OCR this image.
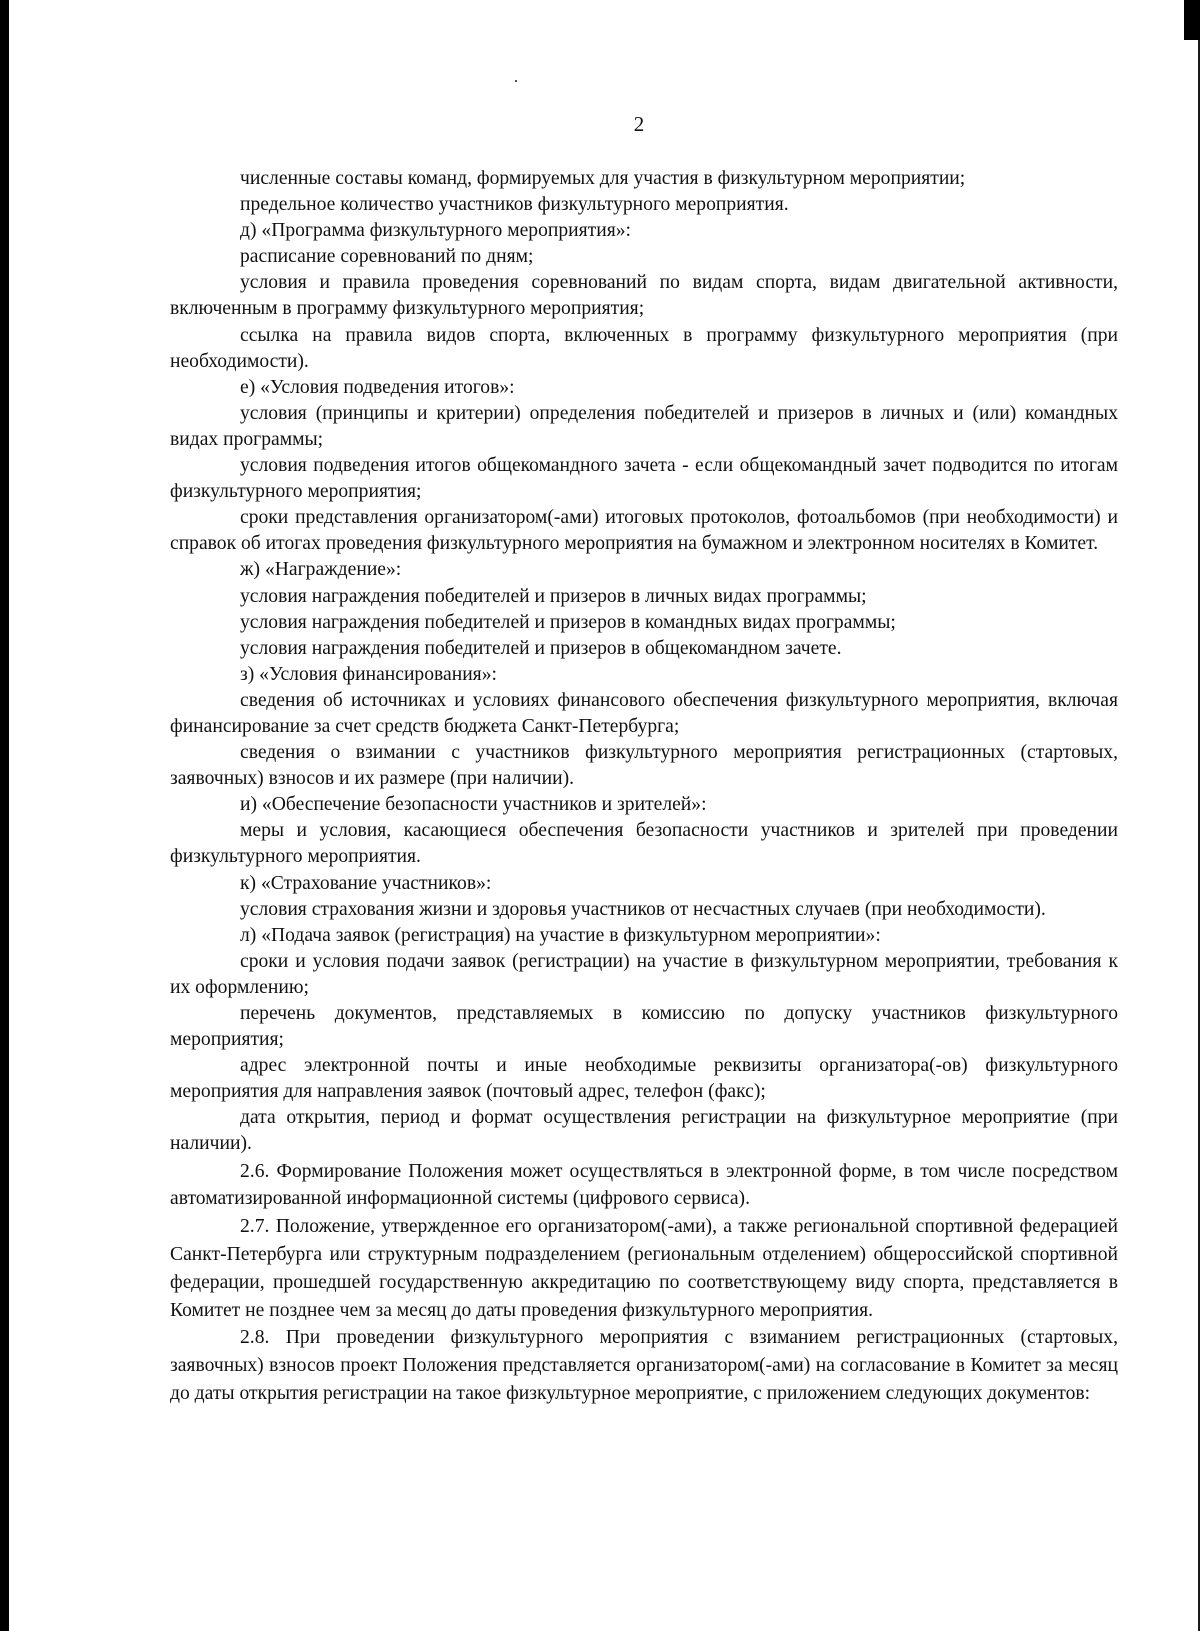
2

численные составы команд, формируемых для участия в физкультурном мероприятии;

предельное количество участников физкультурного мероприятия.

д) «Программа физкультурного мероприятия»:

расписание соревнований по дням;

условия и правила проведения соревнований по видам спорта, видам двигательной активности, включенным в программу физкультурного мероприятия;

ссылка на правила видов спорта, включенных в программу физкультурного мероприятия (при необходимости).

е) «Условия подведения итогов»:

условия (принципы и критерии) определения победителей и призеров в личных и (или) командных видах программы;

условия подведения итогов общекомандного зачета - если общекомандный зачет подводится по итогам физкультурного мероприятия;

сроки представления организатором(-ами) итоговых протоколов, фотоальбомов (при необходимости) и справок об итогах проведения физкультурного мероприятия на бумажном и электронном носителях в Комитет.

ж) «Награждение»:

условия награждения победителей и призеров в личных видах программы;

условия награждения победителей и призеров в командных видах программы;

условия награждения победителей и призеров в общекомандном зачете.

з) «Условия финансирования»:

сведения об источниках и условиях финансового обеспечения физкультурного мероприятия, включая финансирование за счет средств бюджета Санкт-Петербурга;

сведения о взимании с участников физкультурного мероприятия регистрационных (стартовых, заявочных) взносов и их размере (при наличии).

и) «Обеспечение безопасности участников и зрителей»:

меры и условия, касающиеся обеспечения безопасности участников и зрителей при проведении физкультурного мероприятия.

к) «Страхование участников»:

условия страхования жизни и здоровья участников от несчастных случаев (при необходимости).

л) «Подача заявок (регистрация) на участие в физкультурном мероприятии»:

сроки и условия подачи заявок (регистрации) на участие в физкультурном мероприятии, требования к их оформлению;

перечень документов, представляемых в комиссию по допуску участников физкультурного мероприятия;

адрес электронной почты и иные необходимые реквизиты организатора(-ов) физкультурного мероприятия для направления заявок (почтовый адрес, телефон (факс);

дата открытия, период и формат осуществления регистрации на физкультурное мероприятие (при наличии).

2.6. Формирование Положения может осуществляться в электронной форме, в том числе посредством автоматизированной информационной системы (цифрового сервиса).

2.7. Положение, утвержденное его организатором(-ами), а также региональной спортивной федерацией Санкт-Петербурга или структурным подразделением (региональным отделением) общероссийской спортивной федерации, прошедшей государственную аккредитацию по соответствующему виду спорта, представляется в Комитет не позднее чем за месяц до даты проведения физкультурного мероприятия.

2.8. При проведении физкультурного мероприятия с взиманием регистрационных (стартовых, заявочных) взносов проект Положения представляется организатором(-ами) на согласование в Комитет за месяц до даты открытия регистрации на такое физкультурное мероприятие, с приложением следующих документов:
